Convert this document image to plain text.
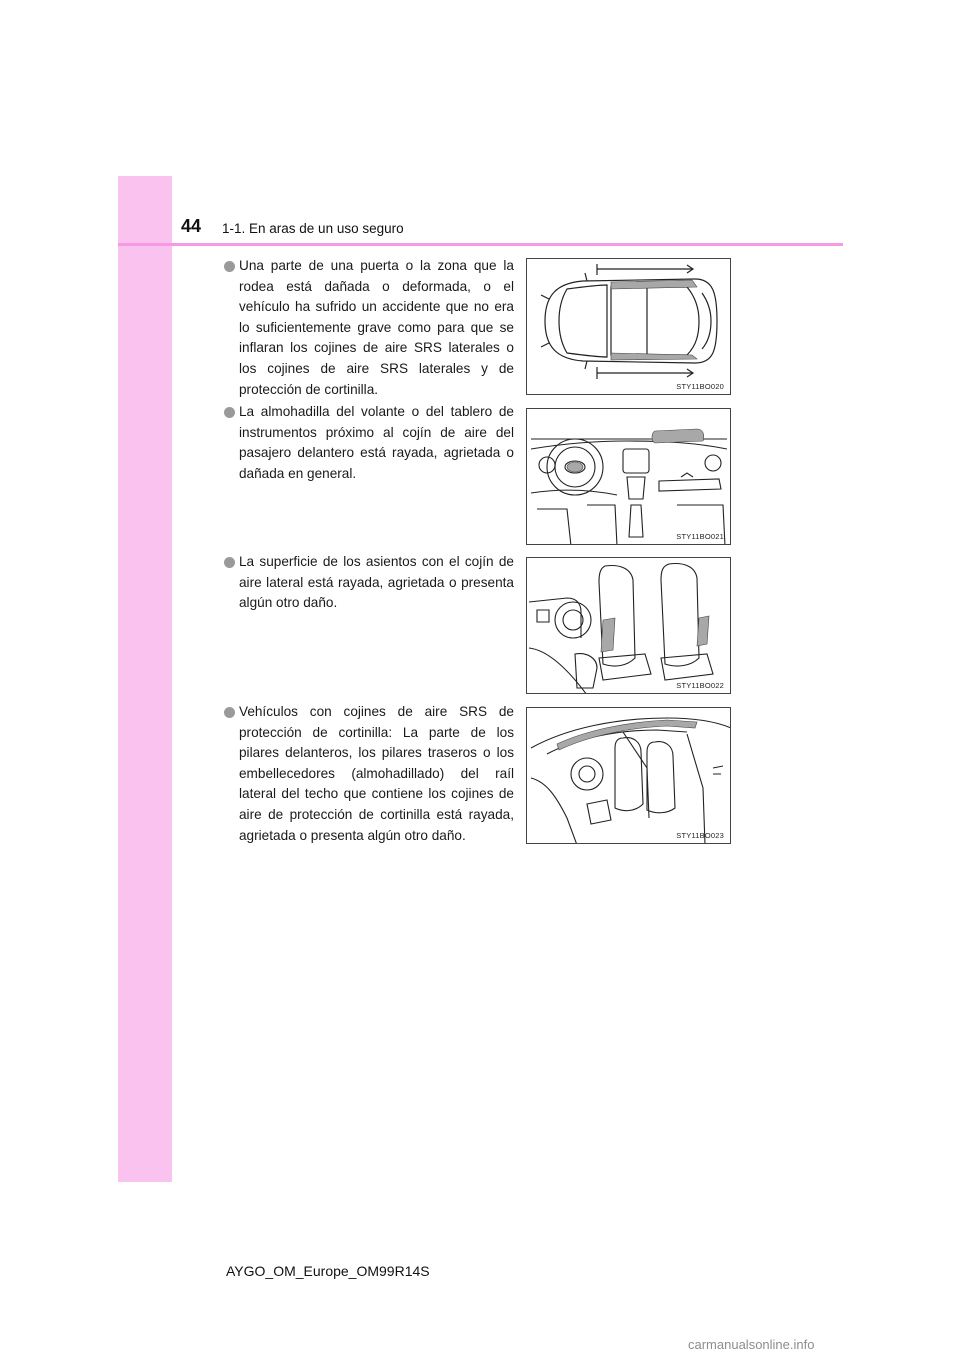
44 1-1. En aras de un uso seguro
Una parte de una puerta o la zona que la rodea está dañada o deformada, o el vehículo ha sufrido un accidente que no era lo suficientemente grave como para que se inflaran los cojines de aire SRS laterales o los cojines de aire SRS laterales y de protección de cortinilla.	STY11BO020
La almohadilla del volante o del tablero de instrumentos próximo al cojín de aire del pasajero delantero está rayada, agrietada o dañada en general.
STY11BO021
La superficie de los asientos con el cojín de aire lateral está rayada, agrietada o presenta algún otro daño.
STY11BO022
Vehículos con cojines de aire SRS de protección de cortinilla: La parte de los pilares delanteros, los pilares traseros o los embellecedores (almohadillado) del raíl lateral del techo que contiene los cojines de aire de protección de cortinilla está rayada, agrietada o presenta algún otro daño.	STY11BO023
AYGO_OM_Europe_OM99R14S
carmanualsonline.info
